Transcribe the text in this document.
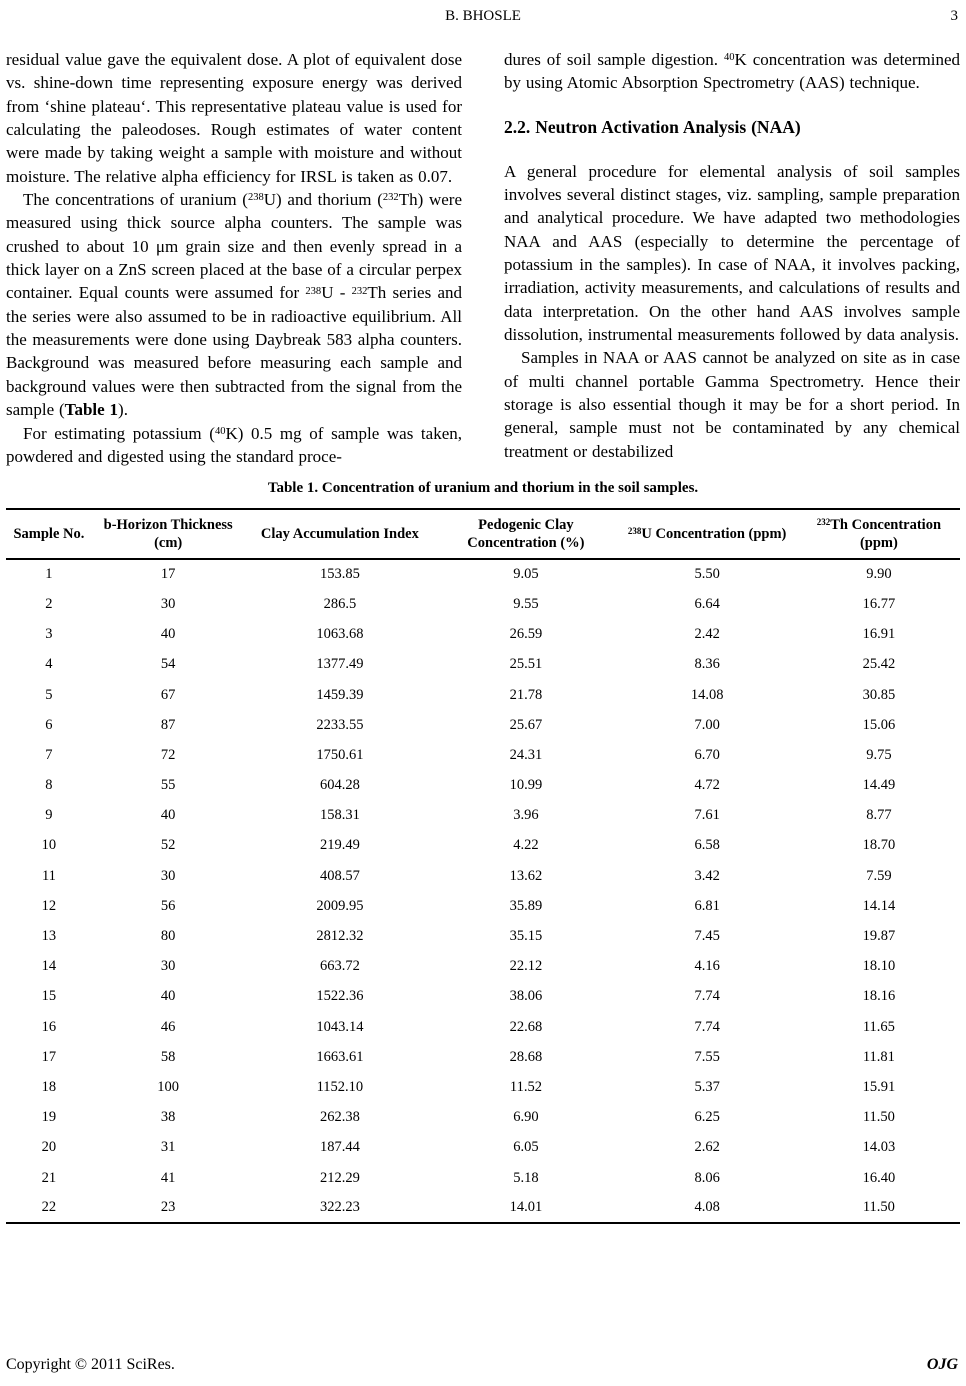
B. BHOSLE	3

residual value gave the equivalent dose. A plot of equivalent dose vs. shine-down time representing exposure energy was derived from ‘shine plateau‘. This representative plateau value is used for calculating the paleodoses. Rough estimates of water content were made by taking weight a sample with moisture and without moisture. The relative alpha efficiency for IRSL is taken as 0.07.

The concentrations of uranium ($^{238}$U) and thorium ($^{232}$Th) were measured using thick source alpha counters. The sample was crushed to about 10 μm grain size and then evenly spread in a thick layer on a ZnS screen placed at the base of a circular perpex container. Equal counts were assumed for $^{238}$U - $^{232}$Th series and the series were also assumed to be in radioactive equilibrium. All the measurements were done using Daybreak 583 alpha counters. Background was measured before measuring each sample and background values were then subtracted from the signal from the sample (Table 1).

For estimating potassium ($^{40}$K) 0.5 mg of sample was taken, powdered and digested using the standard proce-

dures of soil sample digestion. $^{40}$K concentration was determined by using Atomic Absorption Spectrometry (AAS) technique.

2.2. Neutron Activation Analysis (NAA)

A general procedure for elemental analysis of soil samples involves several distinct stages, viz. sampling, sample preparation and analytical procedure. We have adapted two methodologies NAA and AAS (especially to determine the percentage of potassium in the samples). In case of NAA, it involves packing, irradiation, activity measurements, and calculations of results and data interpretation. On the other hand AAS involves sample dissolution, instrumental measurements followed by data analysis.

Samples in NAA or AAS cannot be analyzed on site as in case of multi channel portable Gamma Spectrometry. Hence their storage is also essential though it may be for a short period. In general, sample must not be contaminated by any chemical treatment or destabilized

Table 1. Concentration of uranium and thorium in the soil samples.
Sample No.	b-Horizon Thickness (cm)	Clay Accumulation Index	Pedogenic Clay Concentration (%)	$^{238}$U Concentration (ppm)	$^{232}$Th Concentration (ppm)
1	17	153.85	9.05	5.50	9.90
2	30	286.5	9.55	6.64	16.77
3	40	1063.68	26.59	2.42	16.91
4	54	1377.49	25.51	8.36	25.42
5	67	1459.39	21.78	14.08	30.85
6	87	2233.55	25.67	7.00	15.06
7	72	1750.61	24.31	6.70	9.75
8	55	604.28	10.99	4.72	14.49
9	40	158.31	3.96	7.61	8.77
10	52	219.49	4.22	6.58	18.70
11	30	408.57	13.62	3.42	7.59
12	56	2009.95	35.89	6.81	14.14
13	80	2812.32	35.15	7.45	19.87
14	30	663.72	22.12	4.16	18.10
15	40	1522.36	38.06	7.74	18.16
16	46	1043.14	22.68	7.74	11.65
17	58	1663.61	28.68	7.55	11.81
18	100	1152.10	11.52	5.37	15.91
19	38	262.38	6.90	6.25	11.50
20	31	187.44	6.05	2.62	14.03
21	41	212.29	5.18	8.06	16.40
22	23	322.23	14.01	4.08	11.50
Copyright © 2011 SciRes.	OJG
